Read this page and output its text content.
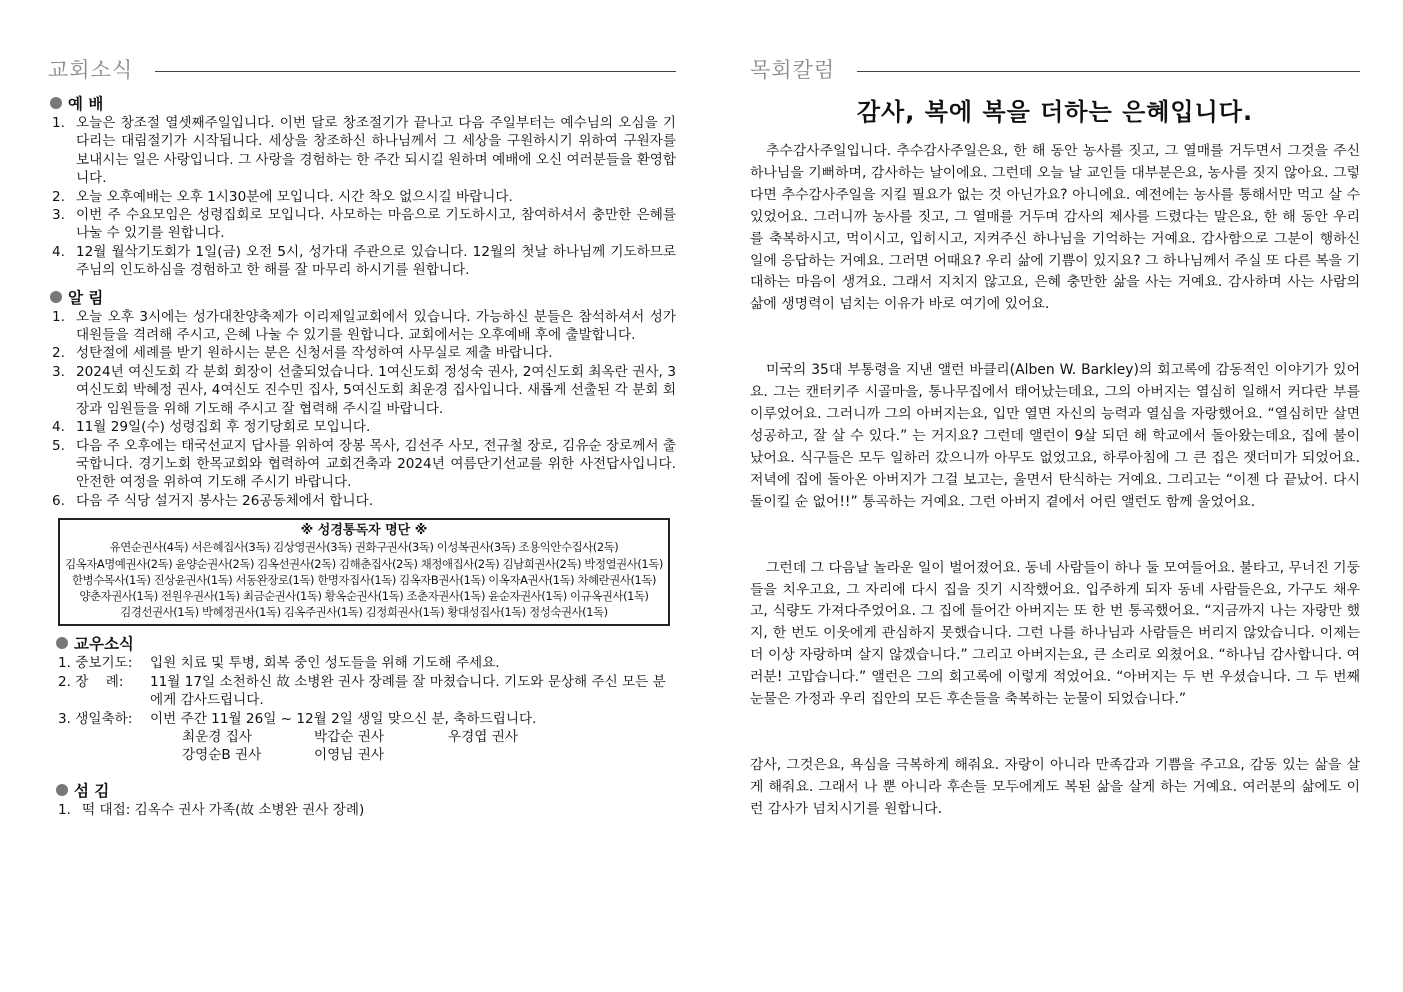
교회소식
예 배
1. 오늘은 창조절 열셋째주일입니다. 이번 달로 창조절기가 끝나고 다음 주일부터는 예수님의 오심을 기다리는 대림절기가 시작됩니다. 세상을 창조하신 하나님께서 그 세상을 구원하시기 위하여 구원자를 보내시는 일은 사랑입니다. 그 사랑을 경험하는 한 주간 되시길 원하며 예배에 오신 여러분들을 환영합니다.
2. 오늘 오후예배는 오후 1시30분에 모입니다. 시간 착오 없으시길 바랍니다.
3. 이번 주 수요모임은 성령집회로 모입니다. 사모하는 마음으로 기도하시고, 참여하셔서 충만한 은혜를 나눌 수 있기를 원합니다.
4. 12월 월삭기도회가 1일(금) 오전 5시, 성가대 주관으로 있습니다. 12월의 첫날 하나님께 기도하므로 주님의 인도하심을 경험하고 한 해를 잘 마무리 하시기를 원합니다.
알 림
1. 오늘 오후 3시에는 성가대찬양축제가 이리제일교회에서 있습니다. 가능하신 분들은 참석하셔서 성가대원들을 격려해 주시고, 은혜 나눌 수 있기를 원합니다. 교회에서는 오후예배 후에 출발합니다.
2. 성탄절에 세례를 받기 원하시는 분은 신청서를 작성하여 사무실로 제출 바랍니다.
3. 2024년 여신도회 각 분회 회장이 선출되었습니다. 1여신도회 정성숙 권사, 2여신도회 최옥란 권사, 3여신도회 박혜정 권사, 4여신도 진수민 집사, 5여신도회 최운경 집사입니다. 새롭게 선출된 각 분회 회장과 임원들을 위해 기도해 주시고 잘 협력해 주시길 바랍니다.
4. 11월 29일(수) 성령집회 후 정기당회로 모입니다.
5. 다음 주 오후에는 태국선교지 답사를 위하여 장봉 목사, 김선주 사모, 전규철 장로, 김유순 장로께서 출국합니다. 경기노회 한목교회와 협력하여 교회건축과 2024년 여름단기선교를 위한 사전답사입니다. 안전한 여정을 위하여 기도해 주시기 바랍니다.
6. 다음 주 식당 설거지 봉사는 26공동체에서 합니다.
※ 성경통독자 명단 ※
유연순권사(4독) 서은혜집사(3독) 김상영권사(3독) 권화구권사(3독) 이성복권사(3독) 조용익안수집사(2독)
김옥자A명예권사(2독) 윤양순권사(2독) 김옥선권사(2독) 김해춘집사(2독) 채정애집사(2독) 김남희권사(2독) 박정열권사(1독)
한병수목사(1독) 진상윤권사(1독) 서동완장로(1독) 한명자집사(1독) 김옥자B권사(1독) 이옥자A권사(1독) 차혜란권사(1독)
양춘자권사(1독) 전원우권사(1독) 최금순권사(1독) 황옥순권사(1독) 조춘자권사(1독) 윤순자권사(1독) 이규옥권사(1독)
김경선권사(1독) 박혜정권사(1독) 김옥주권사(1독) 김정희권사(1독) 황대성집사(1독) 정성숙권사(1독)
교우소식
1. 중보기도:	입원 치료 및 투병, 회복 중인 성도들을 위해 기도해 주세요.
2. 장    례:	11월 17일 소천하신 故 소병완 권사 장례를 잘 마쳤습니다. 기도와 문상해 주신 모든 분에게 감사드립니다.
3. 생일축하:	이번 주간 11월 26일 ~ 12월 2일 생일 맞으신 분, 축하드립니다.
최운경 집사	박갑순 권사	우경엽 권사
강영순B 권사	이영님 권사
섬 김
1. 떡 대접: 김옥수 권사 가족(故 소병완 권사 장례)
목회칼럼
감사, 복에 복을 더하는 은혜입니다.

추수감사주일입니다. 추수감사주일은요, 한 해 동안 농사를 짓고, 그 열매를 거두면서 그것을 주신 하나님을 기뻐하며, 감사하는 날이에요. 그런데 오늘 날 교인들 대부분은요, 농사를 짓지 않아요. 그렇다면 추수감사주일을 지킬 필요가 없는 것 아닌가요? 아니에요. 예전에는 농사를 통해서만 먹고 살 수 있었어요. 그러니까 농사를 짓고, 그 열매를 거두며 감사의 제사를 드렸다는 말은요, 한 해 동안 우리를 축복하시고, 먹이시고, 입히시고, 지켜주신 하나님을 기억하는 거예요. 감사함으로 그분이 행하신 일에 응답하는 거예요. 그러면 어때요? 우리 삶에 기쁨이 있지요? 그 하나님께서 주실 또 다른 복을 기대하는 마음이 생겨요. 그래서 지치지 않고요, 은혜 충만한 삶을 사는 거예요. 감사하며 사는 사람의 삶에 생명력이 넘치는 이유가 바로 여기에 있어요.

미국의 35대 부통령을 지낸 앨런 바클리(Alben W. Barkley)의 회고록에 감동적인 이야기가 있어요. 그는 캔터키주 시골마을, 통나무집에서 태어났는데요, 그의 아버지는 열심히 일해서 커다란 부를 이루었어요. 그러니까 그의 아버지는요, 입만 열면 자신의 능력과 열심을 자랑했어요. “열심히만 살면 성공하고, 잘 살 수 있다.” 는 거지요? 그런데 앨런이 9살 되던 해 학교에서 돌아왔는데요, 집에 불이 났어요. 식구들은 모두 일하러 갔으니까 아무도 없었고요, 하루아침에 그 큰 집은 잿더미가 되었어요. 저녁에 집에 돌아온 아버지가 그걸 보고는, 울면서 탄식하는 거예요. 그리고는 “이젠 다 끝났어. 다시 돌이킬 순 없어!!” 통곡하는 거예요. 그런 아버지 곁에서 어린 앨런도 함께 울었어요.

그런데 그 다음날 놀라운 일이 벌어졌어요. 동네 사람들이 하나 둘 모여들어요. 불타고, 무너진 기둥들을 치우고요, 그 자리에 다시 집을 짓기 시작했어요. 입주하게 되자 동네 사람들은요, 가구도 채우고, 식량도 가져다주었어요. 그 집에 들어간 아버지는 또 한 번 통곡했어요. “지금까지 나는 자랑만 했지, 한 번도 이웃에게 관심하지 못했습니다. 그런 나를 하나님과 사람들은 버리지 않았습니다. 이제는 더 이상 자랑하며 살지 않겠습니다.” 그리고 아버지는요, 큰 소리로 외쳤어요. “하나님 감사합니다. 여러분! 고맙습니다.” 앨런은 그의 회고록에 이렇게 적었어요. “아버지는 두 번 우셨습니다. 그 두 번째 눈물은 가정과 우리 집안의 모든 후손들을 축복하는 눈물이 되었습니다.”

감사, 그것은요, 욕심을 극복하게 해줘요. 자랑이 아니라 만족감과 기쁨을 주고요, 감동 있는 삶을 살게 해줘요. 그래서 나 뿐 아니라 후손들 모두에게도 복된 삶을 살게 하는 거예요. 여러분의 삶에도 이런 감사가 넘치시기를 원합니다.
